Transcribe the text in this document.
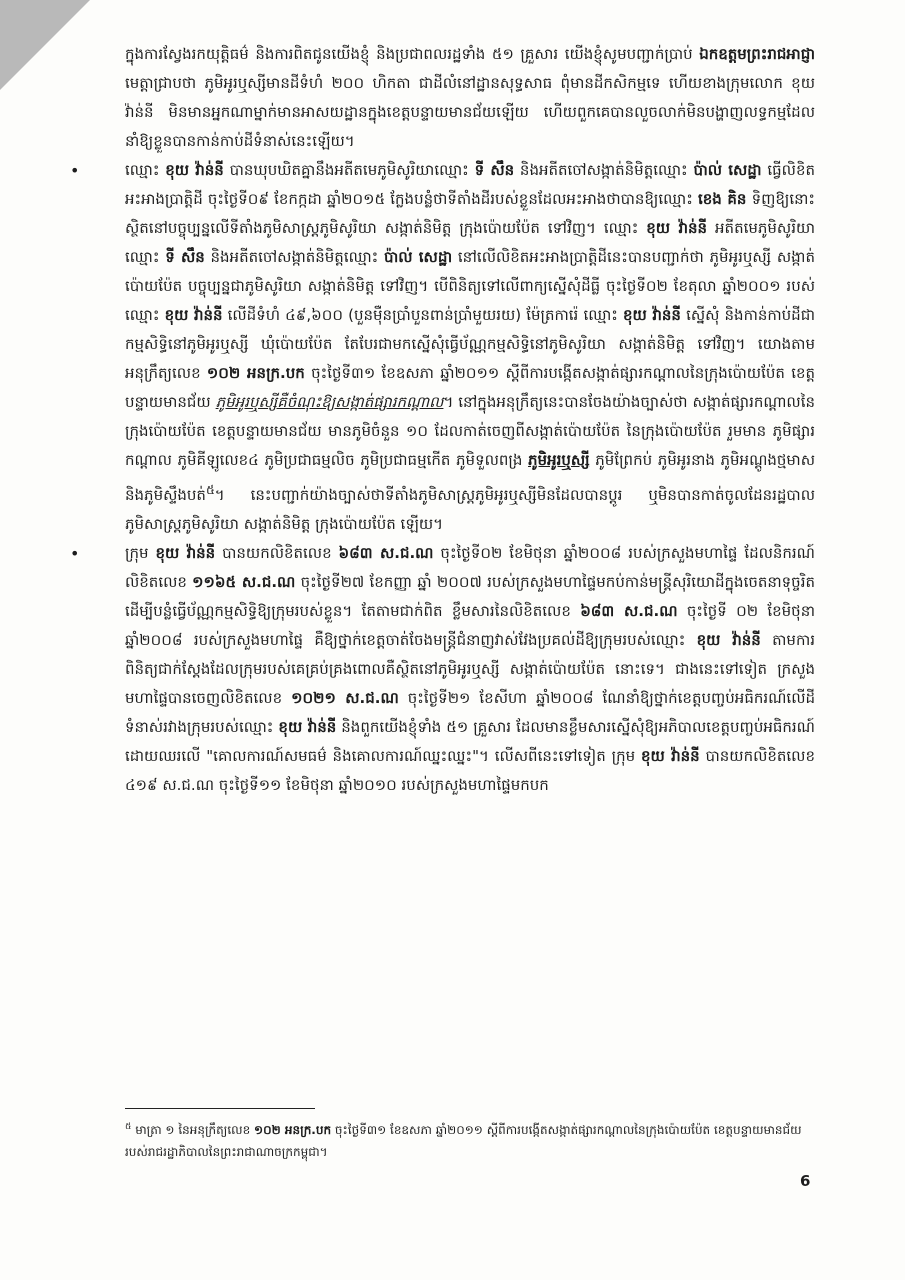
ក្នុងការស្វែងរកយុត្តិធម៌ និងការពិតជូនយើងខ្ញុំ និងប្រជាពលរដ្ឋទាំង ៥១ គ្រួសារ យើងខ្ញុំសូមបញ្ជាក់ប្រាប់ ឯកឧត្តមព្រះរាជអាជ្ញា មេត្តាជ្រាបថា ភូមិអូរឬស្សីមានដីទំហំ ២០០ ហិកតា ជាដីលំនៅដ្ឋានសុទ្ធសាធ ពុំមានដីកសិកម្មទេ ហើយខាងក្រុមលោក ខុយ វ៉ាន់នី មិនមានអ្នកណាម្នាក់មានអាសយដ្ឋានក្នុងខេត្តបន្ទាយមានជ័យឡើយ ហើយពួកគេបានលួចលាក់មិនបង្ហាញលទ្ធកម្មដែលនាំឱ្យខ្លួនបានកាន់កាប់ដីទំនាស់នេះឡើយ។

•	ឈ្មោះ ខុយ វ៉ាន់នី បានឃុបឃិតគ្នានឹងអតីតមេភូមិសូរិយាឈ្មោះ ទី សឹន និងអតីតចៅសង្កាត់និមិត្តឈ្មោះ ប៉ាល់ សេដ្ឋា ធ្វើលិខិតអះអាងប្រាត្តិដី ចុះថ្ងៃទី០៩ ខែកក្កដា ឆ្នាំ២០១៥ ក្លែងបន្លំថាទីតាំងដីរបស់ខ្លួនដែលអះអាងថាបានឱ្យឈ្មោះ ខេង គិន ទិញឱ្យនោះ ស្ថិតនៅបច្ចុប្បន្នលើទីតាំងភូមិសាស្ត្រភូមិសូរិយា សង្កាត់និមិត្ត ក្រុងប៉ោយប៉ែត ទៅវិញ។ ឈ្មោះ ខុយ វ៉ាន់នី អតីតមេភូមិសូរិយាឈ្មោះ ទី សឹន និងអតីតចៅសង្កាត់និមិត្តឈ្មោះ ប៉ាល់ សេដ្ឋា នៅលើលិខិតអះអាងប្រាត្តិដីនេះបានបញ្ជាក់ថា ភូមិអូរឬស្សី សង្កាត់ប៉ោយប៉ែត បច្ចុប្បន្នជាភូមិសូរិយា សង្កាត់និមិត្ត ទៅវិញ។ បើពិនិត្យទៅលើពាក្យស្នើសុំដីធ្លី ចុះថ្ងៃទី០២ ខែតុលា ឆ្នាំ២០០១ របស់ឈ្មោះ ខុយ វ៉ាន់នី លើដីទំហំ ៤៩,៦០០ (បួនម៉ឺនប្រាំបួនពាន់ប្រាំមួយរយ) ម៉ែត្រការ៉េ ឈ្មោះ ខុយ វ៉ាន់នី ស្នើសុំ និងកាន់កាប់ដីជាកម្មសិទ្ធិនៅភូមិអូរឬស្សី ឃុំប៉ោយប៉ែត តែបែរជាមកស្នើសុំធ្វើប័ណ្ណកម្មសិទ្ធិនៅភូមិសូរិយា សង្កាត់និមិត្ត ទៅវិញ។ យោងតាមអនុក្រឹត្យលេខ ១០២ អនក្រ.បក ចុះថ្ងៃទី៣១ ខែឧសភា ឆ្នាំ២០១១ ស្តីពីការបង្កើតសង្កាត់ផ្សារកណ្តាលនៃក្រុងប៉ោយប៉ែត ខេត្តបន្ទាយមានជ័យ ភូមិអូរឬស្សីគឺចំណុះឱ្យសង្កាត់ផ្សារកណ្តាល។ នៅក្នុងអនុក្រឹត្យនេះបានចែងយ៉ាងច្បាស់ថា សង្កាត់ផ្សារកណ្តាលនៃក្រុងប៉ោយប៉ែត ខេត្តបន្ទាយមានជ័យ មានភូមិចំនួន ១០ ដែលកាត់ចេញពីសង្កាត់ប៉ោយប៉ែត នៃក្រុងប៉ោយប៉ែត រួមមាន ភូមិផ្សារកណ្តាល ភូមិគីឡូលេខ៤ ភូមិប្រជាធម្មលិច ភូមិប្រជាធម្មកើត ភូមិទួលពង្រ ភូមិអូរឬស្សី ភូមិព្រែកប់ ភូមិអូរនាង ភូមិអណ្តូងថ្មមាស និងភូមិស្ទឹងបត់$^៥$។ នេះបញ្ជាក់យ៉ាងច្បាស់ថាទីតាំងភូមិសាស្ត្រភូមិអូរឬស្សីមិនដែលបានប្តូរ ឬមិនបានកាត់ចូលដែនរដ្ឋបាលភូមិសាស្ត្រភូមិសូរិយា សង្កាត់និមិត្ត ក្រុងប៉ោយប៉ែត ឡើយ។
•	ក្រុម ខុយ វ៉ាន់នី បានយកលិខិតលេខ ៦៨៣ ស.ជ.ណ ចុះថ្ងៃទី០២ ខែមិថុនា ឆ្នាំ២០០៨ របស់ក្រសួងមហាផ្ទៃ ដែលនិករណ៍លិខិតលេខ ១១៦៥ ស.ជ.ណ ចុះថ្ងៃទី២៧ ខែកញ្ញា ឆ្នាំ ២០០៧ របស់ក្រសួងមហាផ្ទៃមកប់កាន់មន្ត្រីសុរិយោដីក្នុងចេតនាទុច្ចរិត ដើម្បីបន្លំធ្វើប័ណ្ណកម្មសិទ្ធិឱ្យក្រុមរបស់ខ្លួន។ តែតាមជាក់ពិត ខ្លឹមសារនៃលិខិតលេខ ៦៨៣ ស.ជ.ណ ចុះថ្ងៃទី ០២ ខែមិថុនា ឆ្នាំ២០០៨ របស់ក្រសួងមហាផ្ទៃ គឺឱ្យថ្នាក់ខេត្តចាត់ចែងមន្ត្រីជំនាញវាស់វែងប្រគល់ដីឱ្យក្រុមរបស់ឈ្មោះ ខុយ វ៉ាន់នី តាមការពិនិត្យជាក់ស្តែងដែលក្រុមរបស់គេគ្រប់គ្រងពោលគឺស្ថិតនៅភូមិអូរឬស្សី សង្កាត់ប៉ោយប៉ែត នោះទេ។ ជាងនេះទៅទៀត ក្រសួងមហាផ្ទៃបានចេញលិខិតលេខ ១០២១ ស.ជ.ណ ចុះថ្ងៃទី២១ ខែសីហា ឆ្នាំ២០០៨ ណែនាំឱ្យថ្នាក់ខេត្តបញ្ចប់អធិករណ៍លើដីទំនាស់រវាងក្រុមរបស់ឈ្មោះ ខុយ វ៉ាន់នី និងពួកយើងខ្ញុំទាំង ៥១ គ្រួសារ ដែលមានខ្លឹមសារស្នើសុំឱ្យអភិបាលខេត្តបញ្ចប់អធិករណ៍ ដោយឈរលើ "គោលការណ៍សមធម៌ និងគោលការណ៍ឈ្នះឈ្នះ"។ លើសពីនេះទៅទៀត ក្រុម ខុយ វ៉ាន់នី បានយកលិខិតលេខ ៤១៩ ស.ជ.ណ ចុះថ្ងៃទី១១ ខែមិថុនា ឆ្នាំ២០១០ របស់ក្រសួងមហាផ្ទៃមកបក
$^៥$ មាត្រា ១ នៃអនុក្រឹត្យលេខ ១០២ អនក្រ.បក ចុះថ្ងៃទី៣១ ខែឧសភា ឆ្នាំ២០១១ ស្តីពីការបង្កើតសង្កាត់ផ្សារកណ្តាលនៃក្រុងប៉ោយប៉ែត ខេត្តបន្ទាយមានជ័យ របស់រាជរដ្ឋាភិបាលនៃព្រះរាជាណាចក្រកម្ពុជា។
6
